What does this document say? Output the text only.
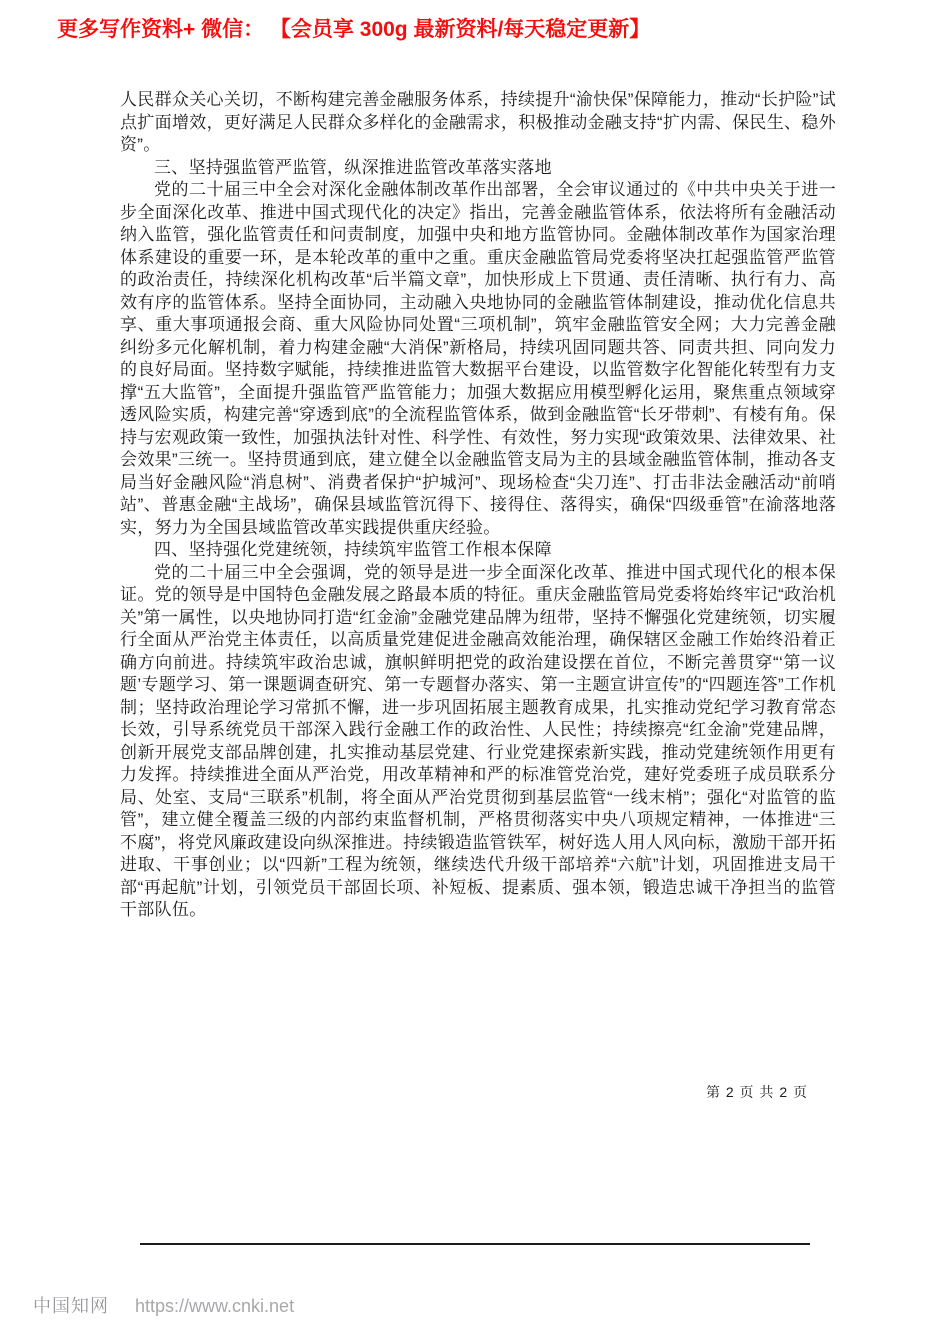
更多写作资料+ 微信： 【会员享 300g 最新资料/每天稳定更新】

人民群众关心关切，不断构建完善金融服务体系，持续提升“渝快保”保障能力，推动“长护险”试点扩面增效，更好满足人民群众多样化的金融需求，积极推动金融支持“扩内需、保民生、稳外资”。

三、坚持强监管严监管，纵深推进监管改革落实落地

党的二十届三中全会对深化金融体制改革作出部署，全会审议通过的《中共中央关于进一步全面深化改革、推进中国式现代化的决定》指出，完善金融监管体系，依法将所有金融活动纳入监管，强化监管责任和问责制度，加强中央和地方监管协同。金融体制改革作为国家治理体系建设的重要一环，是本轮改革的重中之重。重庆金融监管局党委将坚决扛起强监管严监管的政治责任，持续深化机构改革“后半篇文章”，加快形成上下贯通、责任清晰、执行有力、高效有序的监管体系。坚持全面协同，主动融入央地协同的金融监管体制建设，推动优化信息共享、重大事项通报会商、重大风险协同处置“三项机制”，筑牢金融监管安全网；大力完善金融纠纷多元化解机制，着力构建金融“大消保”新格局，持续巩固同题共答、同责共担、同向发力的良好局面。坚持数字赋能，持续推进监管大数据平台建设，以监管数字化智能化转型有力支撑“五大监管”，全面提升强监管严监管能力；加强大数据应用模型孵化运用，聚焦重点领域穿透风险实质，构建完善“穿透到底”的全流程监管体系，做到金融监管“长牙带刺”、有棱有角。保持与宏观政策一致性，加强执法针对性、科学性、有效性，努力实现“政策效果、法律效果、社会效果”三统一。坚持贯通到底，建立健全以金融监管支局为主的县域金融监管体制，推动各支局当好金融风险“消息树”、消费者保护“护城河”、现场检查“尖刀连”、打击非法金融活动“前哨站”、普惠金融“主战场”，确保县域监管沉得下、接得住、落得实，确保“四级垂管”在渝落地落实，努力为全国县域监管改革实践提供重庆经验。

四、坚持强化党建统领，持续筑牢监管工作根本保障

党的二十届三中全会强调，党的领导是进一步全面深化改革、推进中国式现代化的根本保证。党的领导是中国特色金融发展之路最本质的特征。重庆金融监管局党委将始终牢记“政治机关”第一属性，以央地协同打造“红金渝”金融党建品牌为纽带，坚持不懈强化党建统领，切实履行全面从严治党主体责任，以高质量党建促进金融高效能治理，确保辖区金融工作始终沿着正确方向前进。持续筑牢政治忠诚，旗帜鲜明把党的政治建设摆在首位，不断完善贯穿“‘第一议题’专题学习、第一课题调查研究、第一专题督办落实、第一主题宣讲宣传”的“四题连答”工作机制；坚持政治理论学习常抓不懈，进一步巩固拓展主题教育成果，扎实推动党纪学习教育常态长效，引导系统党员干部深入践行金融工作的政治性、人民性；持续擦亮“红金渝”党建品牌，创新开展党支部品牌创建，扎实推动基层党建、行业党建探索新实践，推动党建统领作用更有力发挥。持续推进全面从严治党，用改革精神和严的标准管党治党，建好党委班子成员联系分局、处室、支局“三联系”机制，将全面从严治党贯彻到基层监管“一线末梢”；强化“对监管的监管”，建立健全覆盖三级的内部约束监督机制，严格贯彻落实中央八项规定精神，一体推进“三不腐”，将党风廉政建设向纵深推进。持续锻造监管铁军，树好选人用人风向标，激励干部开拓进取、干事创业；以“四新”工程为统领，继续迭代升级干部培养“六航”计划，巩固推进支局干部“再起航”计划，引领党员干部固长项、补短板、提素质、强本领，锻造忠诚干净担当的监管干部队伍。

第 2 页 共 2 页
中国知网 https://www.cnki.net
